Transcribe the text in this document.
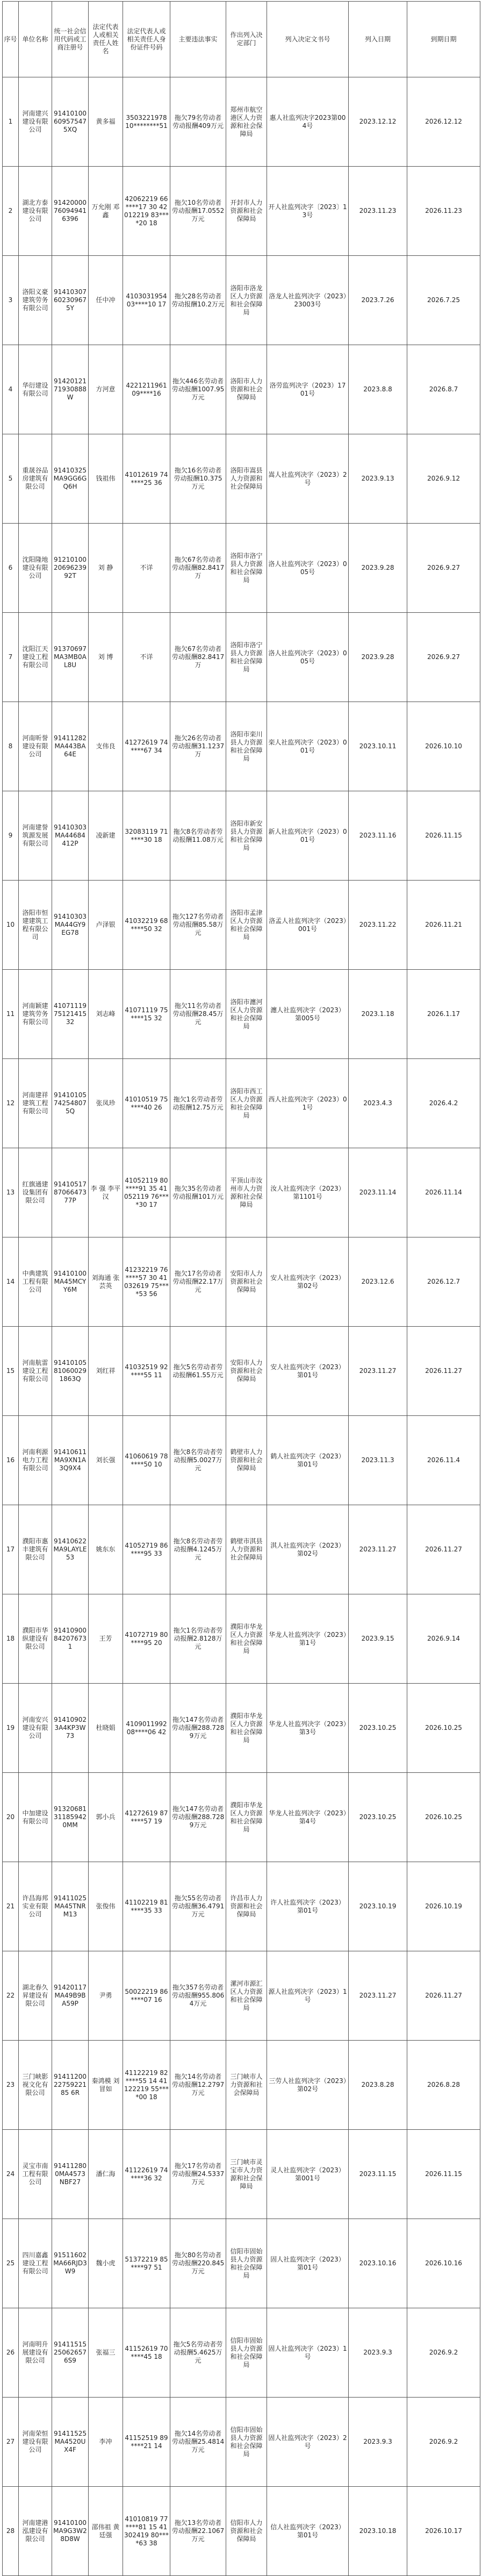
序号	单位名称	统一社会信用代码或工商注册号	法定代表人或相关责任人姓名	法定代表人或相关责任人身份证件号码	主要违法事实	作出列入决定部门	列入决定文书号	列入日期	到期日期
1	河南建兴建设有限公司	91410100609575475XQ	黄多福	350322197810********51	拖欠79名劳动者劳动报酬409万元	郑州市航空港区人力资源和社会保障局	惠人社监列决字2023第004号	2023.12.12	2026.12.12
2	湖北方泰建设有限公司	91420000760949416396	万允刚 邓鑫	42062219 66****17 30 42012219 83****20 18	拖欠10名劳动者劳动报酬17.0552万元	开封市人力资源和社会保障局	开人社监列决字〔2023〕13号	2023.11.23	2026.11.23
3	洛阳义豪建筑劳务有限公司	91410307602309675Y	任中冲	410303195403****10 17	拖欠28名劳动者劳动报酬10.2万元	洛阳市洛龙区人力资源和社会保障局	洛龙人社监列决字（2023）23003号	2023.7.26	2026.7.25
4	华衍建设有限公司	9142012171930888W	方河意	422121196109****16	拖欠446名劳动者劳动报酬1007.95万元	洛阳市人力资源和社会保障局	洛劳监列决字（2023）1701号	2023.8.8	2026.8.7
5	重晟谷品房建筑有限公司	91410325MA9GG6GQ6H	钱祖伟	41012619 74****25 36	拖欠16名劳动者劳动报酬10.375万元	洛阳市嵩县人力资源和社会保障局	嵩人社监列决字（2023）2号	2023.9.13	2026.9.12
6	沈阳隆地建设有限公司	912101002069623992T	刘 静	不详	拖欠67名劳动者劳动报酬82.8417万	洛阳市洛宁县人力资源和社会保障局	洛人社监列决字（2023）005号	2023.9.28	2026.9.27
7	沈阳江天建设工程有限公司	91370697MA3MB0AL8U	刘 博	不详	拖欠67名劳动者劳动报酬82.8417万	洛阳市洛宁县人力资源和社会保障局	洛人社监列决字（2023）005号	2023.9.28	2026.9.27
8	河南昕誉建设有限公司	91411282MA443BA64E	支伟良	41272619 74****67 34	拖欠26名劳动者劳动报酬31.1237万	洛阳市栾川县人力资源和社会保障局	栾人社监列决字（2023）001号	2023.10.11	2026.10.10
9	河南建誉筑源发展有限公司	91410303MA44684412P	凌新建	32083119 71****30 18	拖欠8名劳动者劳动报酬11.08万元	洛阳市新安县人力资源和社会保障局	新人社监列决字（2023）001号	2023.11.16	2026.11.15
10	洛阳市恒建建筑工程有限公司	91410303MA44GY9EG78	卢泽银	41032219 68****50 32	拖欠127名劳动者劳动报酬85.58万元	洛阳市孟津区人力资源和社会保障局	洛孟人社监列决字（2023）001号	2023.11.22	2026.11.21
11	河南颖建建筑劳务有限公司	410711197512141532	刘志峰	41071119 75****15 32	拖欠11名劳动者劳动报酬28.45万元	洛阳市瀍河区人力资源和社会保障局	瀍人社监列决字（2023）第005号	2023.1.18	2026.1.17
12	河南建祥建筑工程有限公司	91410105742548075Q	张凤珍	41010519 75****40 26	拖欠1名劳动者劳动报酬12.75万元	洛阳市西工区人力资源和社会保障局	西人社监列决字（2023）01号	2023.4.3	2026.4.2
13	红旗通建设集团有限公司	914105178706647377P	李 强 李平汉	41052119 80****91 35 41052119 76****30 17	拖欠35名劳动者劳动报酬101万元	平顶山市汝州市人力资源和社会保障局	汝人社监列决字（2023）第1101号	2023.11.14	2026.11.14
14	中典建筑工程有限公司	91410100MA45MCYY6M	刘海通 张芸英	41232219 76****57 30 41032619 75****53 56	拖欠17名劳动者劳动报酬22.17万元	安阳市人力资源和社会保障局	安人社监列决字（2023）第02号	2023.12.6	2026.12.7
15	河南航雷建设工程有限公司	91410105810600291863Q	刘红祥	41032519 92****55 11	拖欠5名劳动者劳动报酬61.55万元	安阳市人力资源和社会保障局	安人社监列决字（2023）第01号	2023.11.27	2026.11.27
16	河南利源电力工程有限公司	91410611MA9XN1A3Q9X4	刘长强	41060619 78****50 10	拖欠8名劳动者劳动报酬5.0027万元	鹤壁市人力资源和社会保障局	鹤人社监列决字（2023）第01号	2023.11.3	2026.11.4
17	濮阳市惠丰建筑有限公司	91410622MA9LAYLE53	姚东东	41052719 86****95 33	拖欠8名劳动者劳动报酬4.1245万元	鹤壁市淇县人力资源和社会保障局	淇人社监列决字（2023）第02号	2023.11.27	2026.11.27
18	濮阳市华纵建设有限公司	91410900842076731	王芳	41072719 80****95 20	拖欠1名劳动者劳动报酬2.8128万元	濮阳市华龙区人力资源和社会保障局	华龙人社监列决字（2023）第1号	2023.9.15	2026.9.14
19	河南安兴建设有限公司	914109023A4KP3W73	杜晓娟	410901199208****06 42	拖欠147名劳动者劳动报酬288.7289万元	濮阳市华龙区人力资源和社会保障局	华龙人社监列决字（2023）第3号	2023.10.25	2026.10.25
20	中加建设有限公司	91320681311859420MM	郭小兵	41272619 87****57 19	拖欠147名劳动者劳动报酬288.7289万元	濮阳市华龙区人力资源和社会保障局	华龙人社监列决字（2023）第4号	2023.10.25	2026.10.25
21	许昌海邦实业有限公司	91411025MA45TNRM13	张俊伟	41102219 81****35 33	拖欠55名劳动者劳动报酬36.4791万元	许昌市人力资源和社会保障局	许人社监列决字（2023）第01号	2023.10.19	2026.10.19
22	湖北春久昇建设有限公司	91420117MA49B9BA59P	尹勇	50022219 86****07 16	拖欠357名劳动者劳动报酬955.8064万元	漯河市源汇区人力资源和社会保障局	源人社监列决字（2023）1号	2023.11.27	2026.11.27
23	三门峡影视文化有限公司	914112002275922185 6R	秦鸿模 刘冒如	41122219 82****55 14 41122219 55****00 18	拖欠14名劳动者劳动报酬12.2797万元	三门峡市人力资源和社会保障局	三劳人社监列决字（2023）第02号	2023.8.28	2026.8.28
24	灵宝市南工程有限公司	914112800MA4573NBF27	潘仁海	41122619 74****36 32	拖欠17名劳动者劳动报酬24.5337万元	三门峡市灵宝市人力资源和社会保障局	灵人社监列决字（2023）第001号	2023.11.15	2026.11.15
25	四川嘉鑫建设工程有限公司	91511602MA66RJD3W9	魏小虎	51372219 85****97 51	拖欠80名劳动者劳动报酬220.845万元	信阳市固始县人力资源和社会保障局	固人社监列决字（2023）第01号	2023.10.16	2026.10.16
26	河南明升展建设有限公司	9141151525062657 6S9	张福三	41152619 70****45 18	拖欠5名劳动者劳动报酬5.4625万元	信阳市固始县人力资源和社会保障局	固人社监列决字（2023）1号	2023.9.3	2026.9.2
27	河南荣恒建设有限公司	91411525MA4520UX4F	李冲	41152519 89****21 14	拖欠14名劳动者劳动报酬25.4814万元	信阳市固始县人力资源和社会保障局	固人社监列决字（2023）2号	2023.9.3	2026.9.2
28	河南建港泓建设有限公司	91410100MA9G3W28D8W	邵伟祖 黄廷强	41010819 77****81 15 41302419 80****63 38	拖欠13名劳动者劳动报酬22.1067万元	信阳市人力资源和社会保障局	信人社监列决字（2023）第01号	2023.10.18	2026.10.17
